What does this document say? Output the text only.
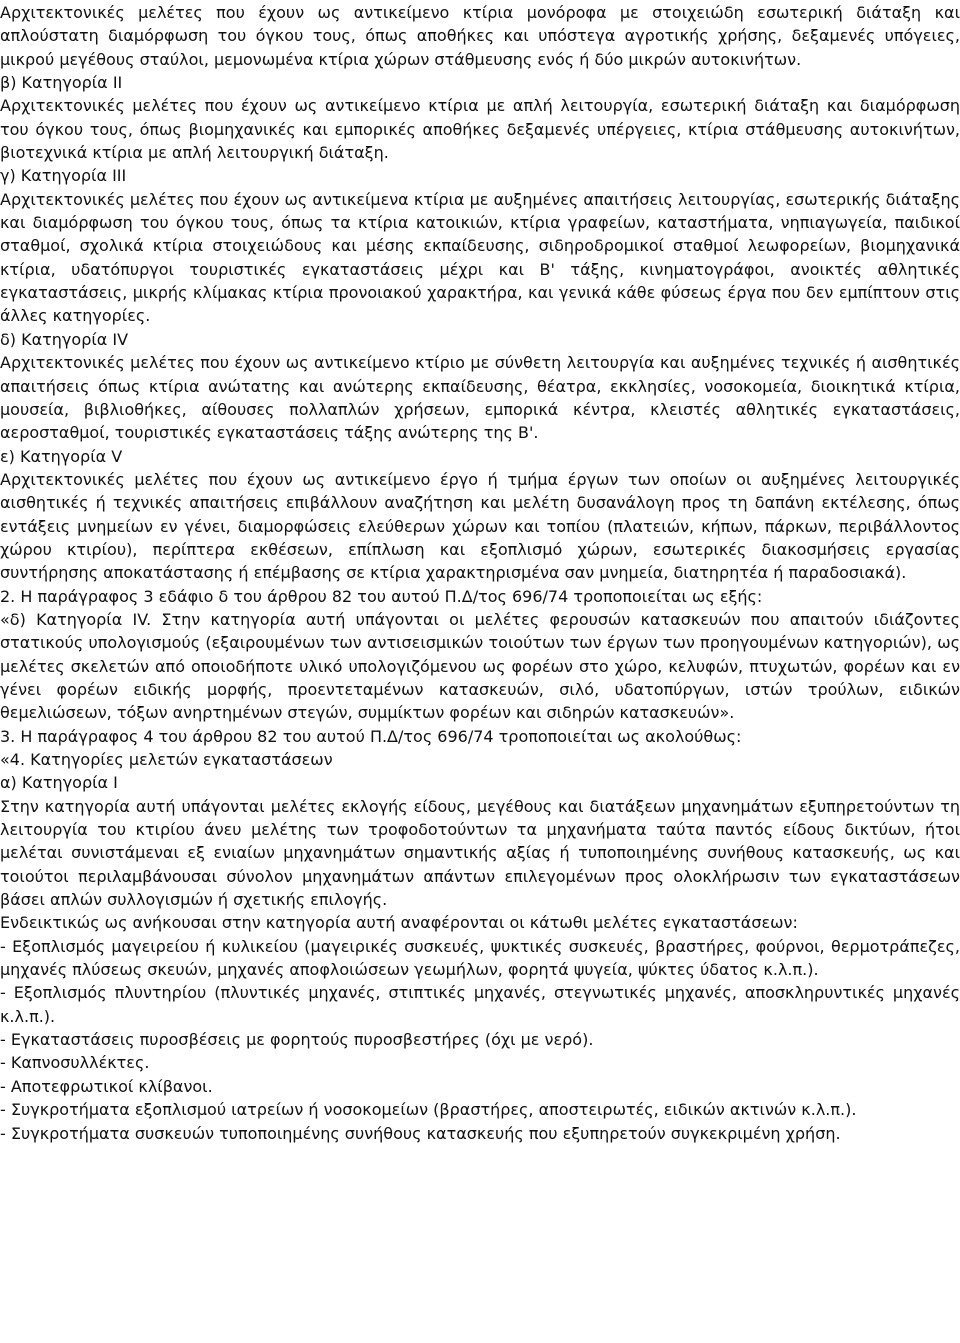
Αρχιτεκτονικές μελέτες που έχουν ως αντικείμενο κτίρια μονόροφα με στοιχειώδη εσωτερική διάταξη και απλούστατη διαμόρφωση του όγκου τους, όπως αποθήκες και υπόστεγα αγροτικής χρήσης, δεξαμενές υπόγειες, μικρού μεγέθους σταύλοι, μεμονωμένα κτίρια χώρων στάθμευσης ενός ή δύο μικρών αυτοκινήτων.

β) Κατηγορία ΙΙ

Αρχιτεκτονικές μελέτες που έχουν ως αντικείμενο κτίρια με απλή λειτουργία, εσωτερική διάταξη και διαμόρφωση του όγκου τους, όπως βιομηχανικές και εμπορικές αποθήκες δεξαμενές υπέργειες, κτίρια στάθμευσης αυτοκινήτων, βιοτεχνικά κτίρια με απλή λειτουργική διάταξη.

γ) Κατηγορία ΙΙΙ

Αρχιτεκτονικές μελέτες που έχουν ως αντικείμενα κτίρια με αυξημένες απαιτήσεις λειτουργίας, εσωτερικής διάταξης και διαμόρφωση του όγκου τους, όπως τα κτίρια κατοικιών, κτίρια γραφείων, καταστήματα, νηπιαγωγεία, παιδικοί σταθμοί, σχολικά κτίρια στοιχειώδους και μέσης εκπαίδευσης, σιδηροδρομικοί σταθμοί λεωφορείων, βιομηχανικά κτίρια, υδατόπυργοι τουριστικές εγκαταστάσεις μέχρι και Β' τάξης, κινηματογράφοι, ανοικτές αθλητικές εγκαταστάσεις, μικρής κλίμακας κτίρια προνοιακού χαρακτήρα, και γενικά κάθε φύσεως έργα που δεν εμπίπτουν στις άλλες κατηγορίες.

δ) Κατηγορία IV

Αρχιτεκτονικές μελέτες που έχουν ως αντικείμενο κτίριο με σύνθετη λειτουργία και αυξημένες τεχνικές ή αισθητικές απαιτήσεις όπως κτίρια ανώτατης και ανώτερης εκπαίδευσης, θέατρα, εκκλησίες, νοσοκομεία, διοικητικά κτίρια, μουσεία, βιβλιοθήκες, αίθουσες πολλαπλών χρήσεων, εμπορικά κέντρα, κλειστές αθλητικές εγκαταστάσεις, αεροσταθμοί, τουριστικές εγκαταστάσεις τάξης ανώτερης της Β'.

ε) Κατηγορία V

Αρχιτεκτονικές μελέτες που έχουν ως αντικείμενο έργο ή τμήμα έργων των οποίων οι αυξημένες λειτουργικές αισθητικές ή τεχνικές απαιτήσεις επιβάλλουν αναζήτηση και μελέτη δυσανάλογη προς τη δαπάνη εκτέλεσης, όπως εντάξεις μνημείων εν γένει, διαμορφώσεις ελεύθερων χώρων και τοπίου (πλατειών, κήπων, πάρκων, περιβάλλοντος χώρου κτιρίου), περίπτερα εκθέσεων, επίπλωση και εξοπλισμό χώρων, εσωτερικές διακοσμήσεις εργασίας συντήρησης αποκατάστασης ή επέμβασης σε κτίρια χαρακτηρισμένα σαν μνημεία, διατηρητέα ή παραδοσιακά).

2. Η παράγραφος 3 εδάφιο δ του άρθρου 82 του αυτού Π.Δ/τος 696/74 τροποποιείται ως εξής:

«δ) Κατηγορία IV. Στην κατηγορία αυτή υπάγονται οι μελέτες φερουσών κατασκευών που απαιτούν ιδιάζοντες στατικούς υπολογισμούς (εξαιρουμένων των αντισεισμικών τοιούτων των έργων των προηγουμένων κατηγοριών), ως μελέτες σκελετών από οποιοδήποτε υλικό υπολογιζόμενου ως φορέων στο χώρο, κελυφών, πτυχωτών, φορέων και εν γένει φορέων ειδικής μορφής, προεντεταμένων κατασκευών, σιλό, υδατοπύργων, ιστών τρούλων, ειδικών θεμελιώσεων, τόξων ανηρτημένων στεγών, συμμίκτων φορέων και σιδηρών κατασκευών».

3. Η παράγραφος 4 του άρθρου 82 του αυτού Π.Δ/τος 696/74 τροποποιείται ως ακολούθως:

«4. Κατηγορίες μελετών εγκαταστάσεων

α) Κατηγορία Ι

Στην κατηγορία αυτή υπάγονται μελέτες εκλογής είδους, μεγέθους και διατάξεων μηχανημάτων εξυπηρετούντων τη λειτουργία του κτιρίου άνευ μελέτης των τροφοδοτούντων τα μηχανήματα ταύτα παντός είδους δικτύων, ήτοι μελέται συνιστάμεναι εξ ενιαίων μηχανημάτων σημαντικής αξίας ή τυποποιημένης συνήθους κατασκευής, ως και τοιούτοι περιλαμβάνουσαι σύνολον μηχανημάτων απάντων επιλεγομένων προς ολοκλήρωσιν των εγκαταστάσεων βάσει απλών συλλογισμών ή σχετικής επιλογής.

Ενδεικτικώς ως ανήκουσαι στην κατηγορία αυτή αναφέρονται οι κάτωθι μελέτες εγκαταστάσεων:

- Εξοπλισμός μαγειρείου ή κυλικείου (μαγειρικές συσκευές, ψυκτικές συσκευές, βραστήρες, φούρνοι, θερμοτράπεζες, μηχανές πλύσεως σκευών, μηχανές αποφλοιώσεων γεωμήλων, φορητά ψυγεία, ψύκτες ύδατος κ.λ.π.).

- Εξοπλισμός πλυντηρίου (πλυντικές μηχανές, στιπτικές μηχανές, στεγνωτικές μηχανές, αποσκληρυντικές μηχανές κ.λ.π.).

- Εγκαταστάσεις πυροσβέσεις με φορητούς πυροσβεστήρες (όχι με νερό).

- Καπνοσυλλέκτες.

- Αποτεφρωτικοί κλίβανοι.

- Συγκροτήματα εξοπλισμού ιατρείων ή νοσοκομείων (βραστήρες, αποστειρωτές, ειδικών ακτινών κ.λ.π.).

- Συγκροτήματα συσκευών τυποποιημένης συνήθους κατασκευής που εξυπηρετούν συγκεκριμένη χρήση.
